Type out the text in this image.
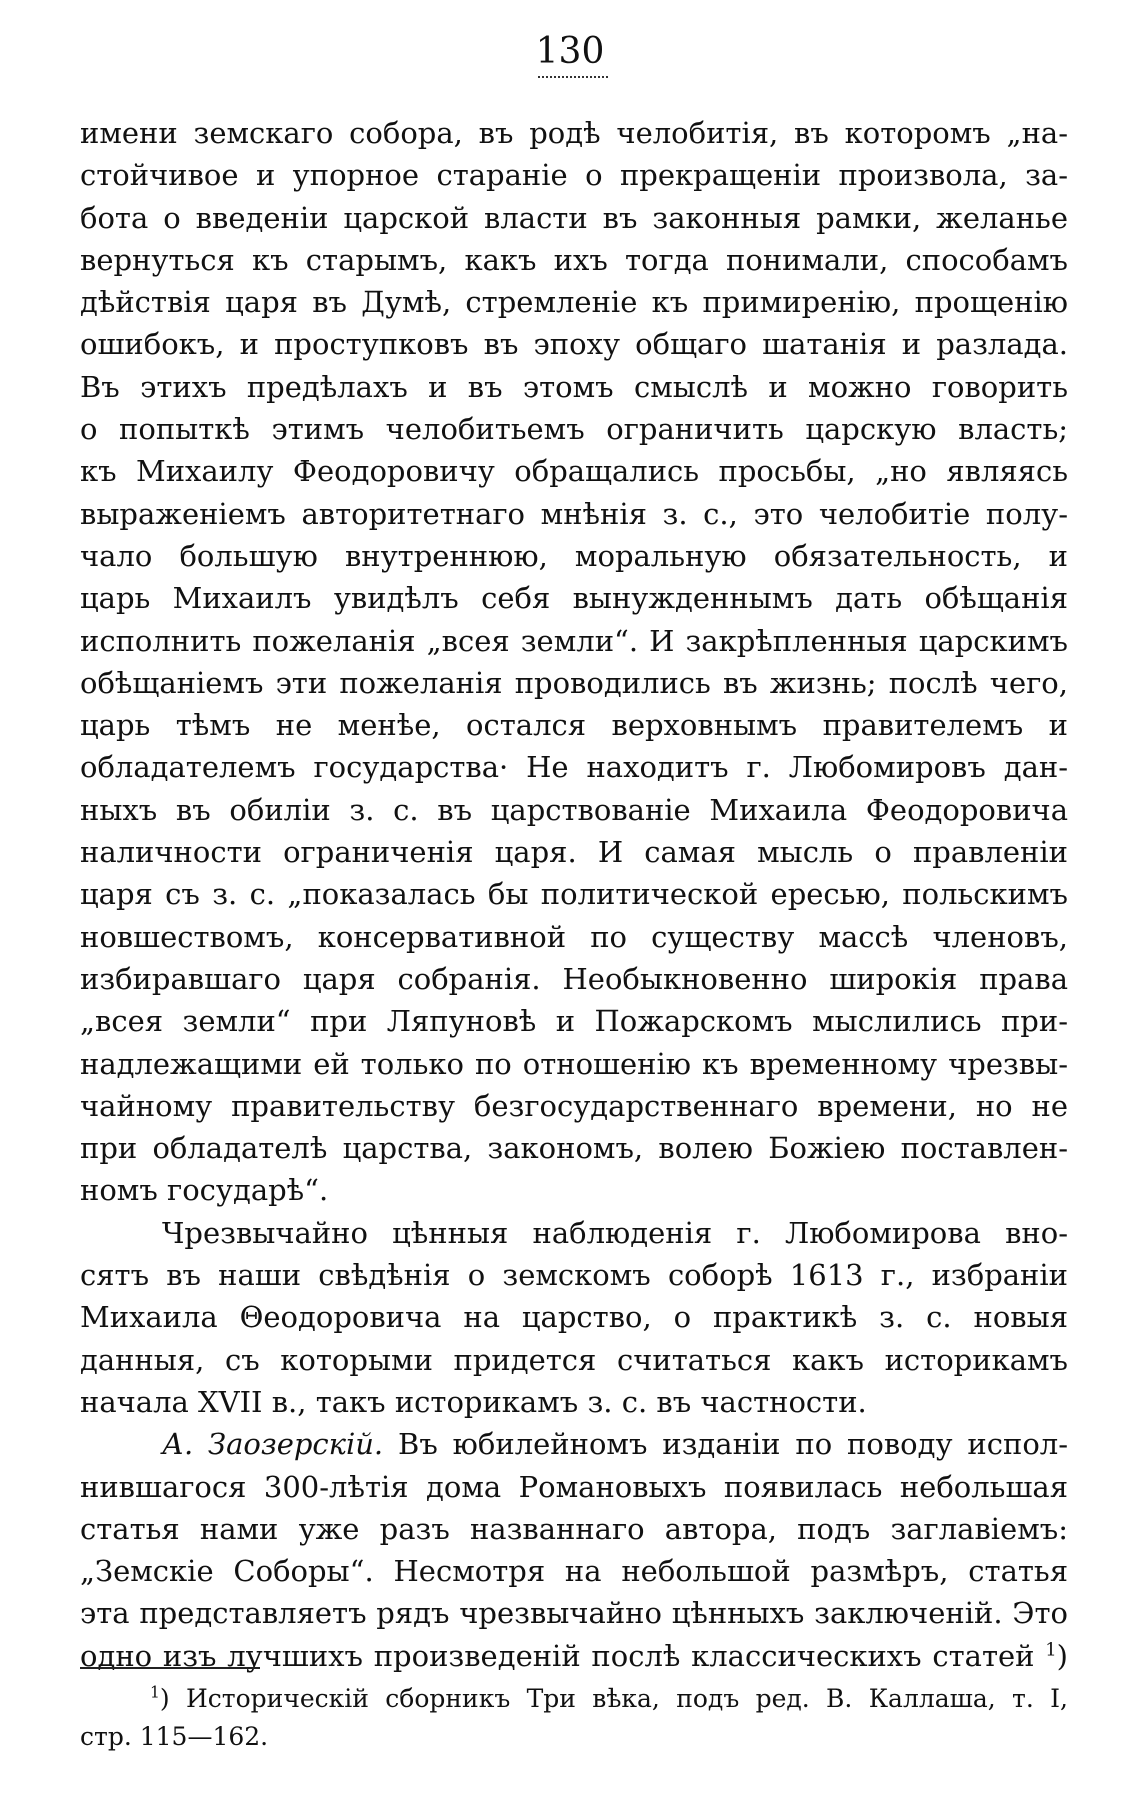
130
имени земскаго собора, въ родѣ челобитія, въ которомъ „на-
стойчивое и упорное стараніе о прекращеніи произвола, за-
бота о введеніи царской власти въ законныя рамки, желанье
вернуться къ старымъ, какъ ихъ тогда понимали, способамъ
дѣйствія царя въ Думѣ, стремленіе къ примиренію, прощенію
ошибокъ, и проступковъ въ эпоху общаго шатанія и разлада.
Въ этихъ предѣлахъ и въ этомъ смыслѣ и можно говорить
о попыткѣ этимъ челобитьемъ ограничить царскую власть;
къ Михаилу Феодоровичу обращались просьбы, „но являясь
выраженіемъ авторитетнаго мнѣнія з. с., это челобитіе полу-
чало большую внутреннюю, моральную обязательность, и
царь Михаилъ увидѣлъ себя вынужденнымъ дать обѣщанія
исполнить пожеланія „всея земли“. И закрѣпленныя царскимъ
обѣщаніемъ эти пожеланія проводились въ жизнь; послѣ чего,
царь тѣмъ не менѣе, остался верховнымъ правителемъ и
обладателемъ государства· Не находитъ г. Любомировъ дан-
ныхъ въ обиліи з. с. въ царствованіе Михаила Феодоровича
наличности ограниченія царя. И самая мысль о правленіи
царя съ з. с. „показалась бы политической ересью, польскимъ
новшествомъ, консервативной по существу массѣ членовъ,
избиравшаго царя собранія. Необыкновенно широкія права
„всея земли“ при Ляпуновѣ и Пожарскомъ мыслились при-
надлежащими ей только по отношенію къ временному чрезвы-
чайному правительству безгосударственнаго времени, но не
при обладателѣ царства, закономъ, волею Божіею поставлен-
номъ государѣ“.
Чрезвычайно цѣнныя наблюденія г. Любомирова вно-
сятъ въ наши свѣдѣнія о земскомъ соборѣ 1613 г., избраніи
Михаила Θеодоровича на царство, о практикѣ з. с. новыя
данныя, съ которыми придется считаться какъ историкамъ
начала XVII в., такъ историкамъ з. с. въ частности.
А. Заозерскій. Въ юбилейномъ изданіи по поводу испол-
нившагося 300-лѣтія дома Романовыхъ появилась небольшая
статья нами уже разъ названнаго автора, подъ заглавіемъ:
„Земскіе Соборы“. Несмотря на небольшой размѣръ, статья
эта представляетъ рядъ чрезвычайно цѣнныхъ заключеній. Это
одно изъ лучшихъ произведеній послѣ классическихъ статей $^1$)
$^1$) Историческій сборникъ Три вѣка, подъ ред. В. Каллаша, т. I,
стр. 115—162.
